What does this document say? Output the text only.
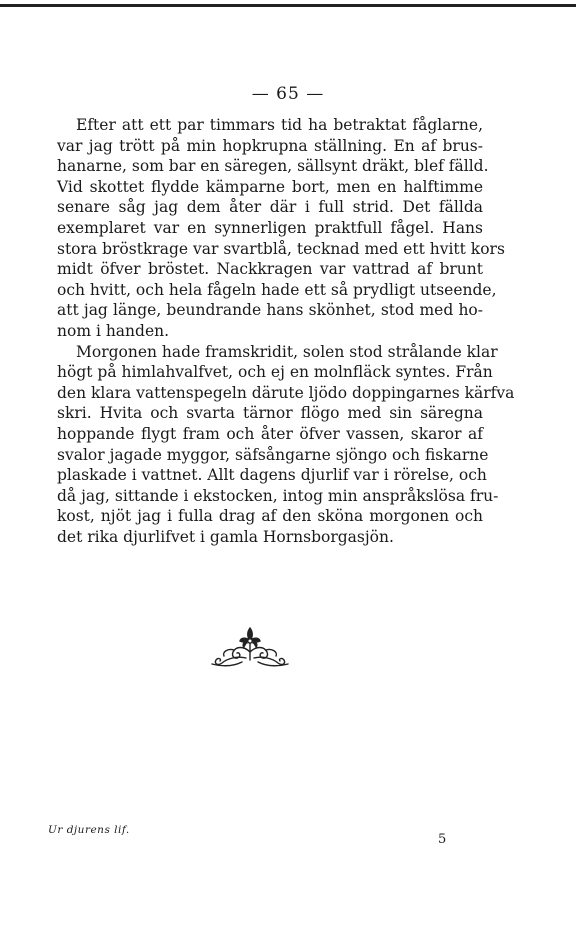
— 65 —

Efter att ett par timmars tid ha betraktat fåglarne,
var jag trött på min hopkrupna ställning. En af brus-
hanarne, som bar en säregen, sällsynt dräkt, blef fälld.
Vid skottet flydde kämparne bort, men en halftimme
senare såg jag dem åter där i full strid. Det fällda
exemplaret var en synnerligen praktfull fågel. Hans
stora bröstkrage var svartblå, tecknad med ett hvitt kors
midt öfver bröstet. Nackkragen var vattrad af brunt
och hvitt, och hela fågeln hade ett så prydligt utseende,
att jag länge, beundrande hans skönhet, stod med ho-
nom i handen.

Morgonen hade framskridit, solen stod strålande klar
högt på himlahvalfvet, och ej en molnfläck syntes. Från
den klara vattenspegeln därute ljödo doppingarnes kärfva
skri. Hvita och svarta tärnor flögo med sin säregna
hoppande flygt fram och åter öfver vassen, skaror af
svalor jagade myggor, säfsångarne sjöngo och fiskarne
plaskade i vattnet. Allt dagens djurlif var i rörelse, och
då jag, sittande i ekstocken, intog min anspråkslösa fru-
kost, njöt jag i fulla drag af den sköna morgonen och
det rika djurlifvet i gamla Hornsborgasjön.

Ur djurens lif.
5
